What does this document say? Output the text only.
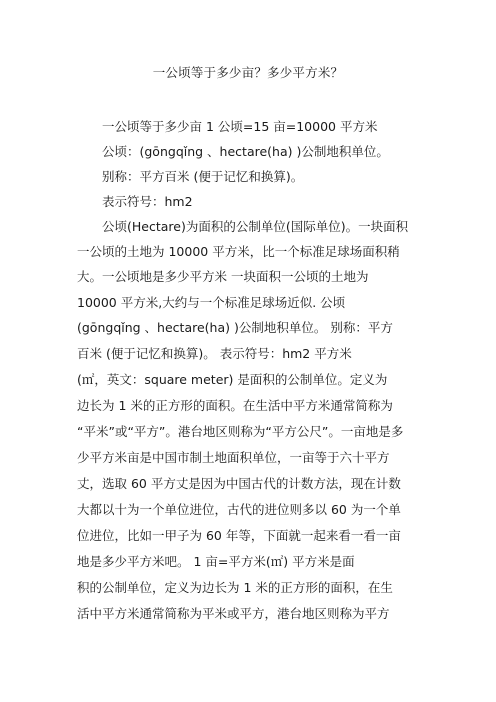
一公顷等于多少亩？多少平方米？
一公顷等于多少亩 1 公顷=15 亩=10000 平方米
公顷：(gōngqǐng 、hectare(ha) )公制地积单位。
别称：平方百米 (便于记忆和换算)。
表示符号：hm2
公顷(Hectare)为面积的公制单位(国际单位)。一块面积
一公顷的土地为 10000 平方米，比一个标准足球场面积稍
大。一公顷地是多少平方米 一块面积一公顷的土地为
10000 平方米,大约与一个标准足球场近似. 公顷
(gōngqǐng 、hectare(ha) )公制地积单位。 别称：平方
百米 (便于记忆和换算)。 表示符号：hm2 平方米
(㎡，英文：square meter) 是面积的公制单位。定义为
边长为 1 米的正方形的面积。在生活中平方米通常简称为
“平米”或“平方”。港台地区则称为“平方公尺”。一亩地是多
少平方米亩是中国市制土地面积单位，一亩等于六十平方
丈，选取 60 平方丈是因为中国古代的计数方法，现在计数
大都以十为一个单位进位，古代的进位则多以 60 为一个单
位进位，比如一甲子为 60 年等，下面就一起来看一看一亩
地是多少平方米吧。 1 亩=平方米(㎡) 平方米是面
积的公制单位，定义为边长为 1 米的正方形的面积，在生
活中平方米通常简称为平米或平方，港台地区则称为平方
